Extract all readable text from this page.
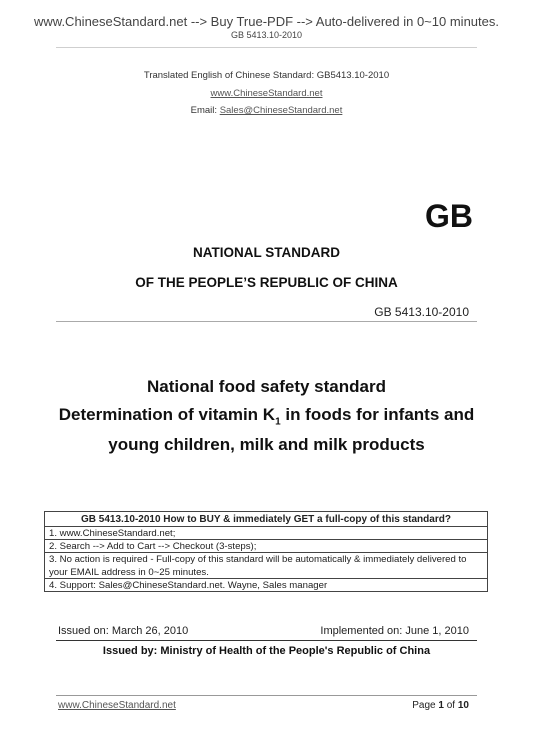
www.ChineseStandard.net --> Buy True-PDF --> Auto-delivered in 0~10 minutes.
GB 5413.10-2010
Translated English of Chinese Standard: GB5413.10-2010
www.ChineseStandard.net
Email: Sales@ChineseStandard.net
GB
NATIONAL STANDARD
OF THE PEOPLE’S REPUBLIC OF CHINA
GB 5413.10-2010
National food safety standard
Determination of vitamin $K_1$ in foods for infants and
young children, milk and milk products
GB 5413.10-2010 How to BUY & immediately GET a full-copy of this standard?
1. www.ChineseStandard.net;
2. Search --> Add to Cart --> Checkout (3-steps);
3. No action is required - Full-copy of this standard will be automatically & immediately delivered to
your EMAIL address in 0~25 minutes.
4. Support: Sales@ChineseStandard.net. Wayne, Sales manager
Issued on: March 26, 2010	Implemented on: June 1, 2010
Issued by: Ministry of Health of the People's Republic of China
www.ChineseStandard.net	Page 1 of 10
